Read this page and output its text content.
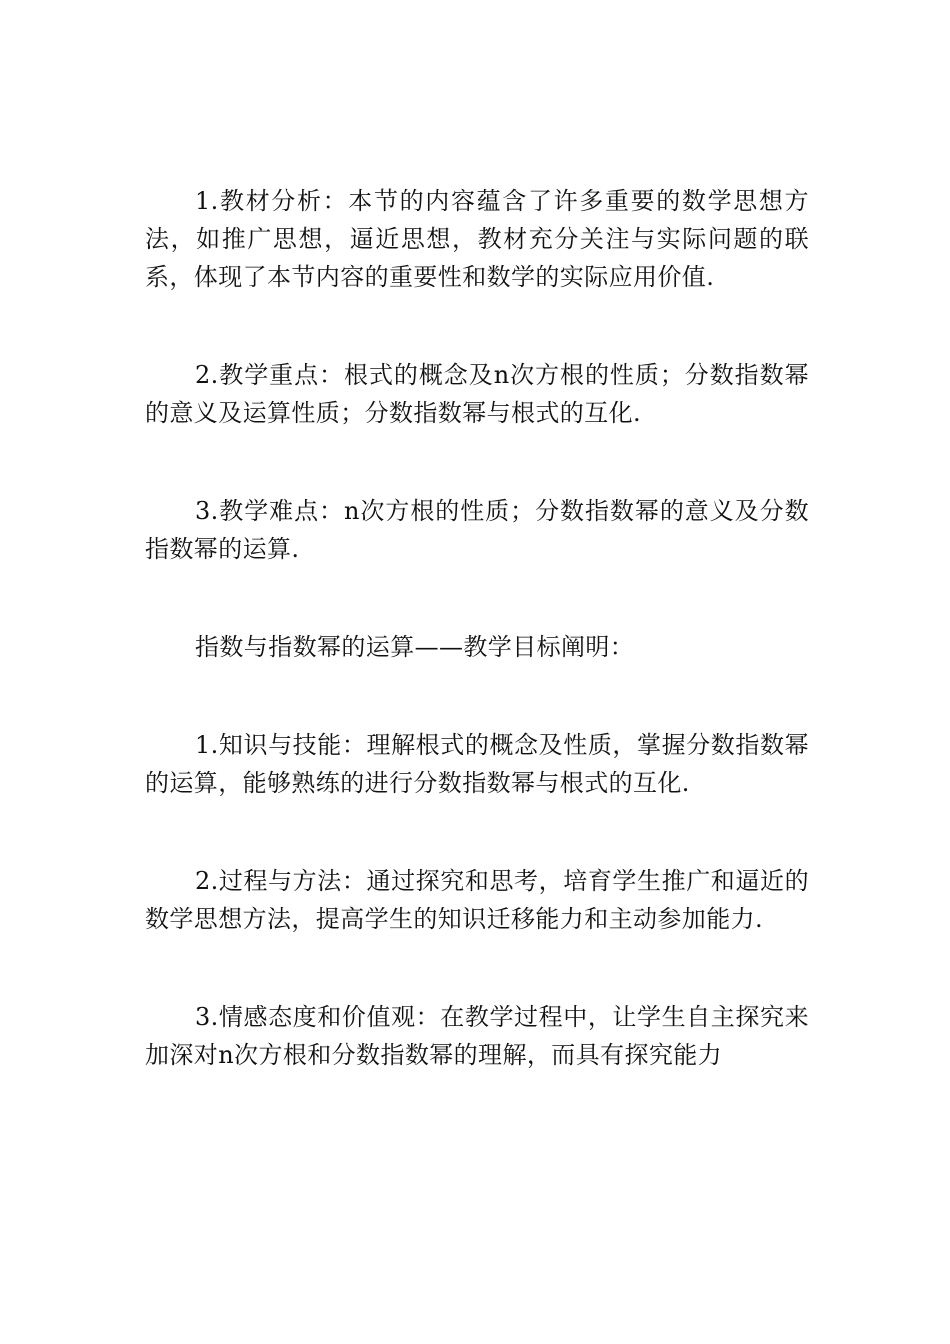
1.教材分析：本节的内容蕴含了许多重要的数学思想方法，如推广思想，逼近思想，教材充分关注与实际问题的联系，体现了本节内容的重要性和数学的实际应用价值.

2.教学重点：根式的概念及n次方根的性质；分数指数幂的意义及运算性质；分数指数幂与根式的互化.

3.教学难点：n次方根的性质；分数指数幂的意义及分数指数幂的运算.

指数与指数幂的运算——教学目标阐明：

1.知识与技能：理解根式的概念及性质，掌握分数指数幂的运算，能够熟练的进行分数指数幂与根式的互化.

2.过程与方法：通过探究和思考，培育学生推广和逼近的数学思想方法，提高学生的知识迁移能力和主动参加能力.

3.情感态度和价值观：在教学过程中，让学生自主探究来加深对n次方根和分数指数幂的理解，而具有探究能力
